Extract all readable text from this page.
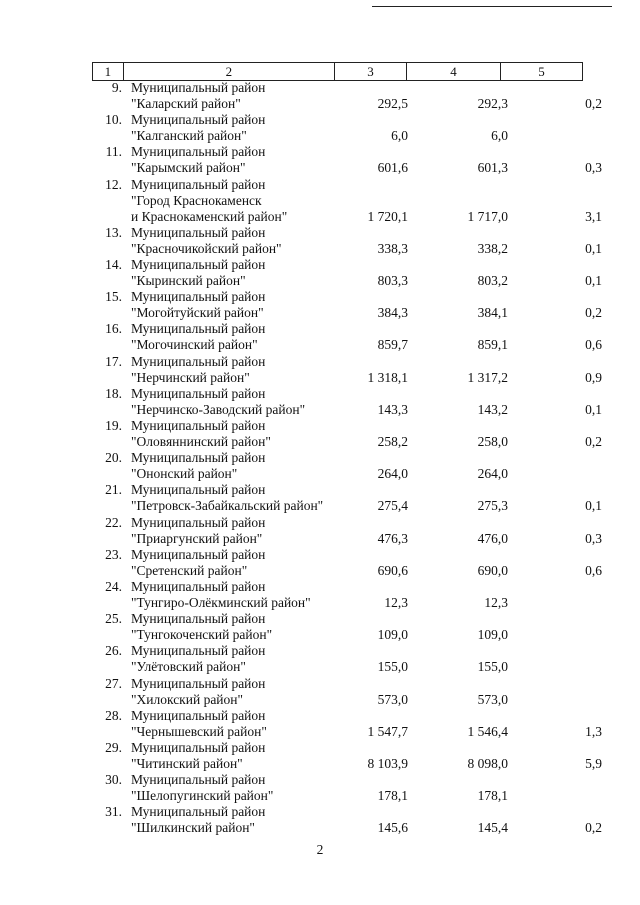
1	2	3	4	5
9. Муниципальный район
"Каларский район"	292,5	292,3	0,2
10. Муниципальный район
"Калганский район"	6,0	6,0
11. Муниципальный район
"Карымский район"	601,6	601,3	0,3
12. Муниципальный район
"Город Краснокаменск
и Краснокаменский район"	1 720,1	1 717,0	3,1
13. Муниципальный район
"Красночикойский район"	338,3	338,2	0,1
14. Муниципальный район
"Кыринский район"	803,3	803,2	0,1
15. Муниципальный район
"Могойтуйский район"	384,3	384,1	0,2
16. Муниципальный район
"Могочинский район"	859,7	859,1	0,6
17. Муниципальный район
"Нерчинский район"	1 318,1	1 317,2	0,9
18. Муниципальный район
"Нерчинско-Заводский район"	143,3	143,2	0,1
19. Муниципальный район
"Оловяннинский район"	258,2	258,0	0,2
20. Муниципальный район
"Ононский район"	264,0	264,0
21. Муниципальный район
"Петровск-Забайкальский район"	275,4	275,3	0,1
22. Муниципальный район
"Приаргунский район"	476,3	476,0	0,3
23. Муниципальный район
"Сретенский район"	690,6	690,0	0,6
24. Муниципальный район
"Тунгиро-Олёкминский район"	12,3	12,3
25. Муниципальный район
"Тунгокоченский район"	109,0	109,0
26. Муниципальный район
"Улётовский район"	155,0	155,0
27. Муниципальный район
"Хилокский район"	573,0	573,0
28. Муниципальный район
"Чернышевский район"	1 547,7	1 546,4	1,3
29. Муниципальный район
"Читинский район"	8 103,9	8 098,0	5,9
30. Муниципальный район
"Шелопугинский район"	178,1	178,1
31. Муниципальный район
"Шилкинский район"	145,6	145,4	0,2
2
